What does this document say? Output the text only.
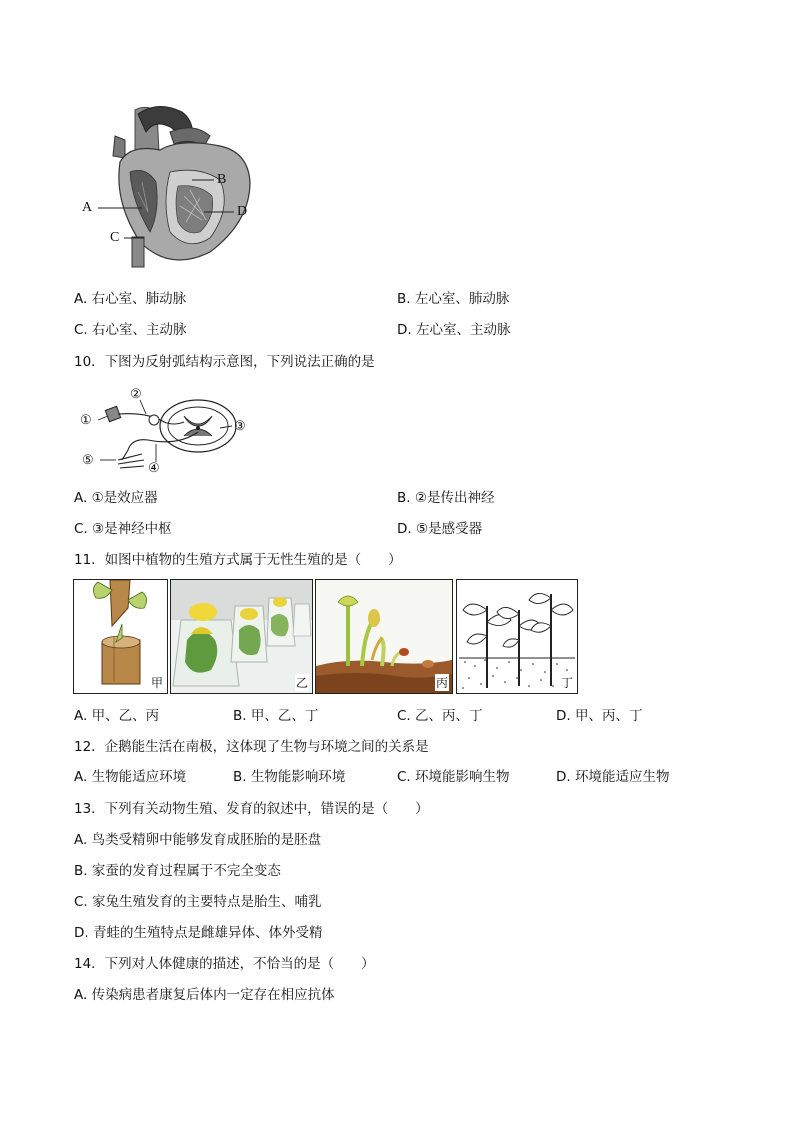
A
B
C
D
A. 右心室、肺动脉	B. 左心室、肺动脉
C. 右心室、主动脉	D. 左心室、主动脉
10．下图为反射弧结构示意图，下列说法正确的是
①
②
③
④
⑤
A. ①是效应器	B. ②是传出神经
C. ③是神经中枢	D. ⑤是感受器
11．如图中植物的生殖方式属于无性生殖的是（　　）
甲	乙	丙	丁
A. 甲、乙、丙	B. 甲、乙、丁	C. 乙、丙、丁	D. 甲、丙、丁
12．企鹅能生活在南极，这体现了生物与环境之间的关系是
A. 生物能适应环境	B. 生物能影响环境	C. 环境能影响生物	D. 环境能适应生物
13．下列有关动物生殖、发育的叙述中，错误的是（　　）
A. 鸟类受精卵中能够发育成胚胎的是胚盘
B. 家蚕的发育过程属于不完全变态
C. 家兔生殖发育的主要特点是胎生、哺乳
D. 青蛙的生殖特点是雌雄异体、体外受精
14．下列对人体健康的描述，不恰当的是（　　）
A. 传染病患者康复后体内一定存在相应抗体
